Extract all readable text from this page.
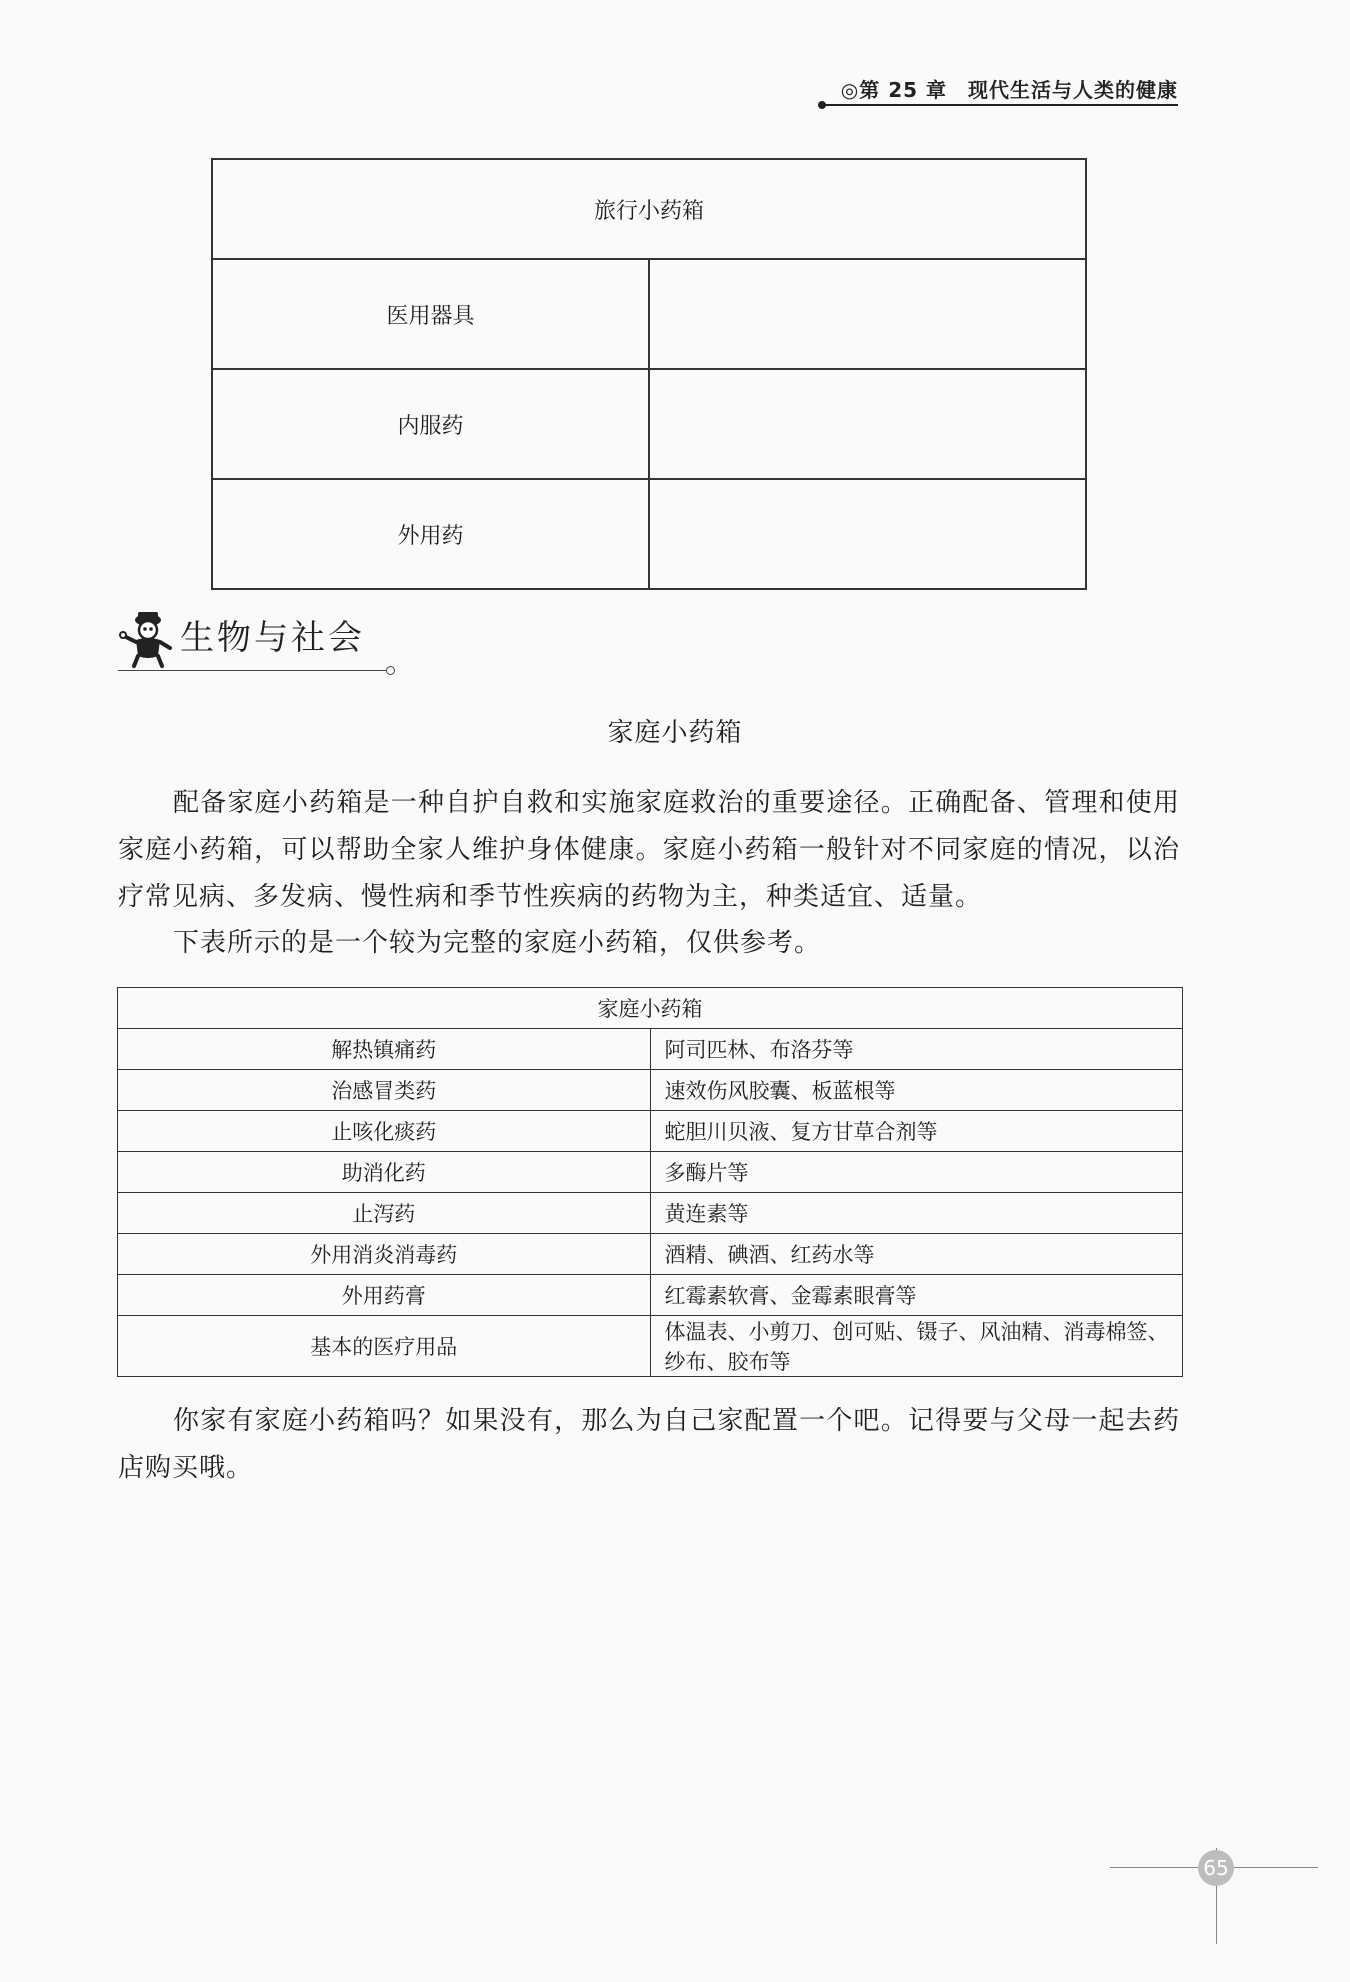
◎第 25 章　现代生活与人类的健康
旅行小药箱	
医用器具	
内服药	
外用药	
生物与社会
家庭小药箱
配备家庭小药箱是一种自护自救和实施家庭救治的重要途径。正确配备、管理和使用家庭小药箱，可以帮助全家人维护身体健康。家庭小药箱一般针对不同家庭的情况，以治疗常见病、多发病、慢性病和季节性疾病的药物为主，种类适宜、适量。
下表所示的是一个较为完整的家庭小药箱，仅供参考。
家庭小药箱	
解热镇痛药	阿司匹林、布洛芬等
治感冒类药	速效伤风胶囊、板蓝根等
止咳化痰药	蛇胆川贝液、复方甘草合剂等
助消化药	多酶片等
止泻药	黄连素等
外用消炎消毒药	酒精、碘酒、红药水等
外用药膏	红霉素软膏、金霉素眼膏等
基本的医疗用品	体温表、小剪刀、创可贴、镊子、风油精、消毒棉签、纱布、胶布等
你家有家庭小药箱吗？如果没有，那么为自己家配置一个吧。记得要与父母一起去药店购买哦。
65
